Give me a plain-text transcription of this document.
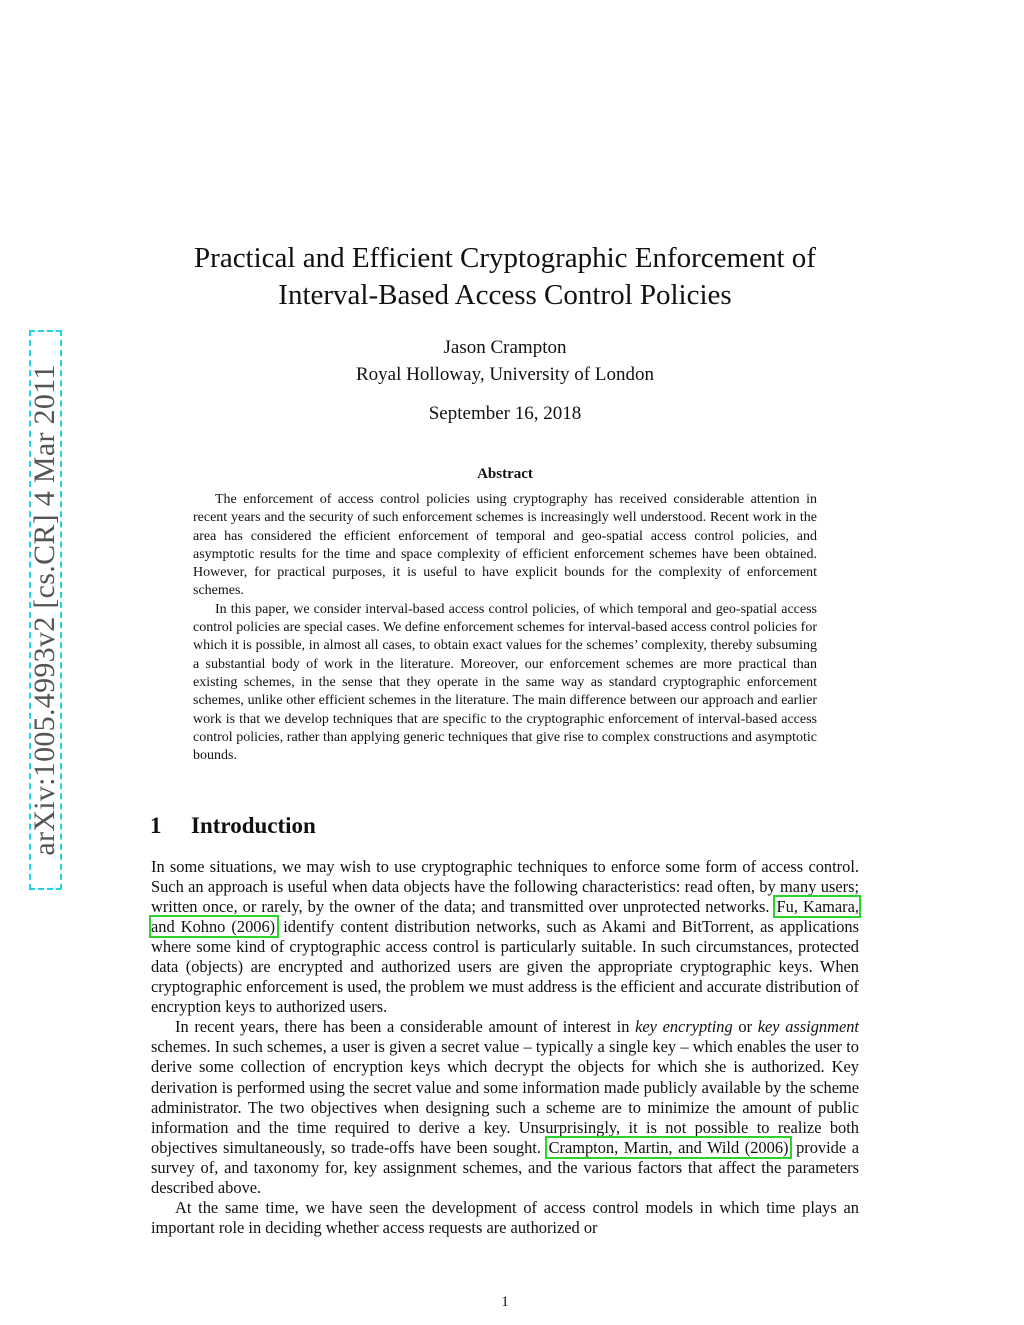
arXiv:1005.4993v2 [cs.CR] 4 Mar 2011
Practical and Efficient Cryptographic Enforcement of
Interval-Based Access Control Policies
Jason Crampton
Royal Holloway, University of London
September 16, 2018
Abstract

The enforcement of access control policies using cryptography has received considerable attention in recent years and the security of such enforcement schemes is increasingly well understood. Recent work in the area has considered the efficient enforcement of temporal and geo-spatial access control policies, and asymptotic results for the time and space complexity of efficient enforcement schemes have been obtained. However, for practical purposes, it is useful to have explicit bounds for the complexity of enforcement schemes.

In this paper, we consider interval-based access control policies, of which temporal and geo-spatial access control policies are special cases. We define enforcement schemes for interval-based access control policies for which it is possible, in almost all cases, to obtain exact values for the schemes’ complexity, thereby subsuming a substantial body of work in the literature. Moreover, our enforcement schemes are more practical than existing schemes, in the sense that they operate in the same way as standard cryptographic enforcement schemes, unlike other efficient schemes in the literature. The main difference between our approach and earlier work is that we develop techniques that are specific to the cryptographic enforcement of interval-based access control policies, rather than applying generic techniques that give rise to complex constructions and asymptotic bounds.

1 Introduction

In some situations, we may wish to use cryptographic techniques to enforce some form of access control. Such an approach is useful when data objects have the following characteristics: read often, by many users; written once, or rarely, by the owner of the data; and transmitted over unprotected networks. Fu, Kamara, and Kohno (2006) identify content distribution networks, such as Akami and BitTorrent, as applications where some kind of cryptographic access control is particularly suitable. In such circumstances, protected data (objects) are encrypted and authorized users are given the appropriate cryptographic keys. When cryptographic enforcement is used, the problem we must address is the efficient and accurate distribution of encryption keys to authorized users.

In recent years, there has been a considerable amount of interest in key encrypting or key assignment schemes. In such schemes, a user is given a secret value – typically a single key – which enables the user to derive some collection of encryption keys which decrypt the objects for which she is authorized. Key derivation is performed using the secret value and some information made publicly available by the scheme administrator. The two objectives when designing such a scheme are to minimize the amount of public information and the time required to derive a key. Unsurprisingly, it is not possible to realize both objectives simultaneously, so trade-offs have been sought. Crampton, Martin, and Wild (2006) provide a survey of, and taxonomy for, key assignment schemes, and the various factors that affect the parameters described above.

At the same time, we have seen the development of access control models in which time plays an important role in deciding whether access requests are authorized or

1
